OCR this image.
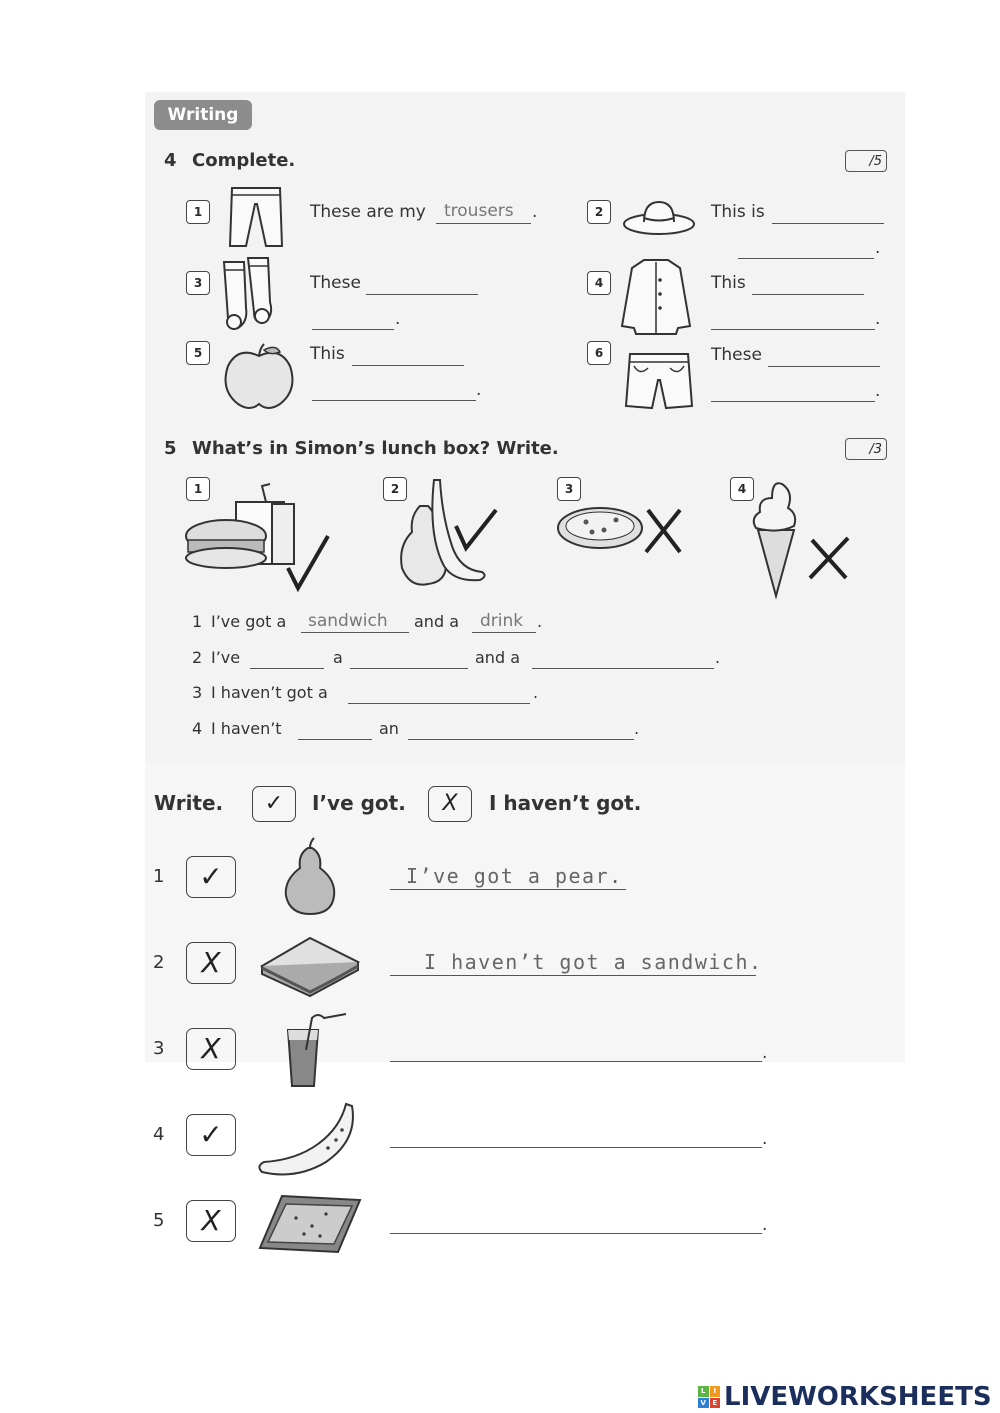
Writing
4 Complete.	/5
1	These are my trousers .	2	This is
.
3	These
.
4	This
.
5	This
.
6	These
.
5 What’s in Simon’s lunch box? Write.	/3
1	2	3	4
1 I’ve got a sandwich and a drink .
2 I’ve	a	and a	.
3 I haven’t got a	.
4 I haven’t	an	.
Write.	✓	I’ve got.	X	I haven’t got.
1	✓	I’ve got a pear.
2	X	I haven’t got a sandwich.
3	X	.
4	✓	.
5	X	.
L	I
V E LIVEWORKSHEETS
